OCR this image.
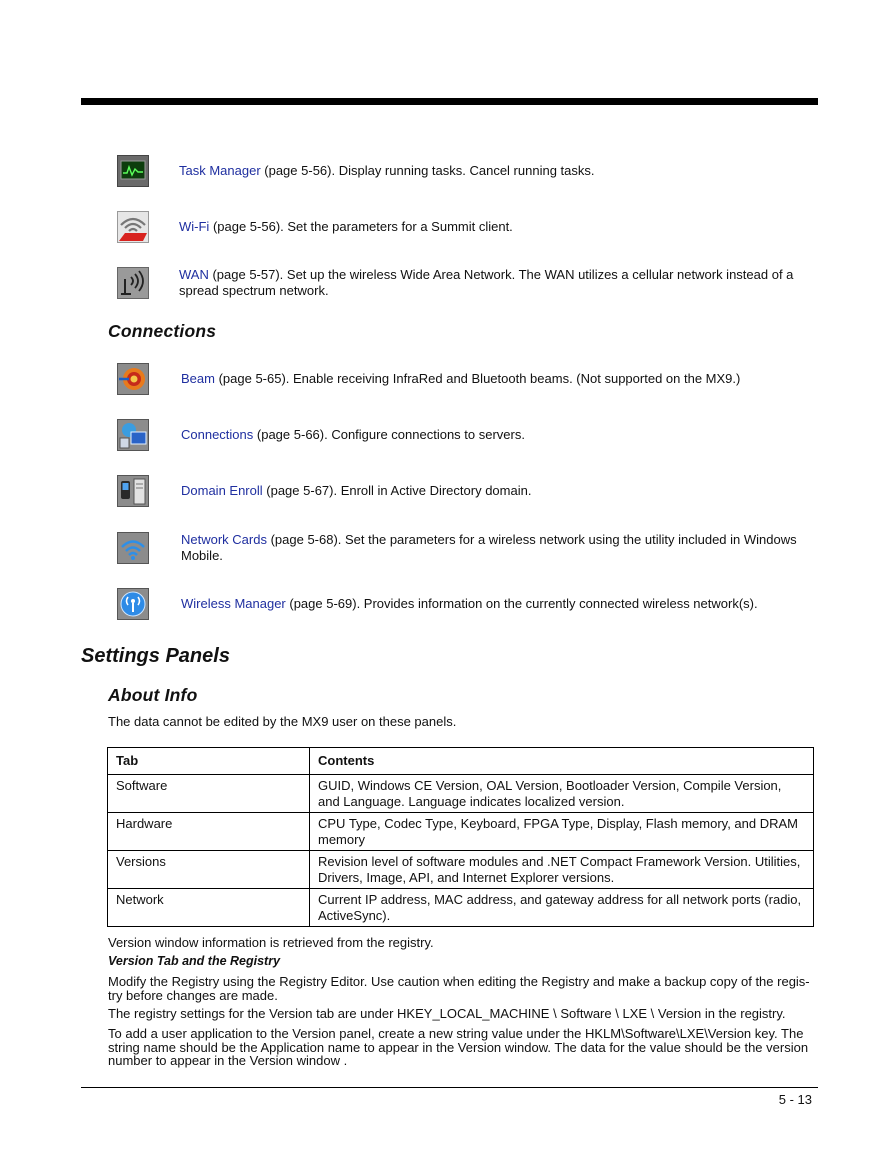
Task Manager (page 5-56). Display running tasks. Cancel running tasks.
Wi-Fi (page 5-56). Set the parameters for a Summit client.
WAN (page 5-57). Set up the wireless Wide Area Network. The WAN utilizes a cellular network instead of a spread spectrum network.
Connections
Beam (page 5-65). Enable receiving InfraRed and Bluetooth beams. (Not supported on the MX9.)
Connections (page 5-66). Configure connections to servers.
Domain Enroll (page 5-67). Enroll in Active Directory domain.
Network Cards (page 5-68). Set the parameters for a wireless network using the utility included in Windows Mobile.
Wireless Manager (page 5-69). Provides information on the currently connected wireless network(s).
Settings Panels
About Info
The data cannot be edited by the MX9 user on these panels.
Tab	Contents
Software	GUID, Windows CE Version, OAL Version, Bootloader Version, Compile Version, and Language. Language indicates localized version.
Hardware	CPU Type, Codec Type, Keyboard, FPGA Type, Display, Flash memory, and DRAM memory
Versions	Revision level of software modules and .NET Compact Framework Version. Utilities, Drivers, Image, API, and Internet Explorer versions.
Network	Current IP address, MAC address, and gateway address for all network ports (radio, ActiveSync).
Version window information is retrieved from the registry.
Version Tab and the Registry
Modify the Registry using the Registry Editor. Use caution when editing the Registry and make a backup copy of the regis-try before changes are made.
The registry settings for the Version tab are under HKEY_LOCAL_MACHINE \ Software \ LXE \ Version in the registry.
To add a user application to the Version panel, create a new string value under the HKLM\Software\LXE\Version key. The string name should be the Application name to appear in the Version window. The data for the value should be the version number to appear in the Version window .
5 - 13
